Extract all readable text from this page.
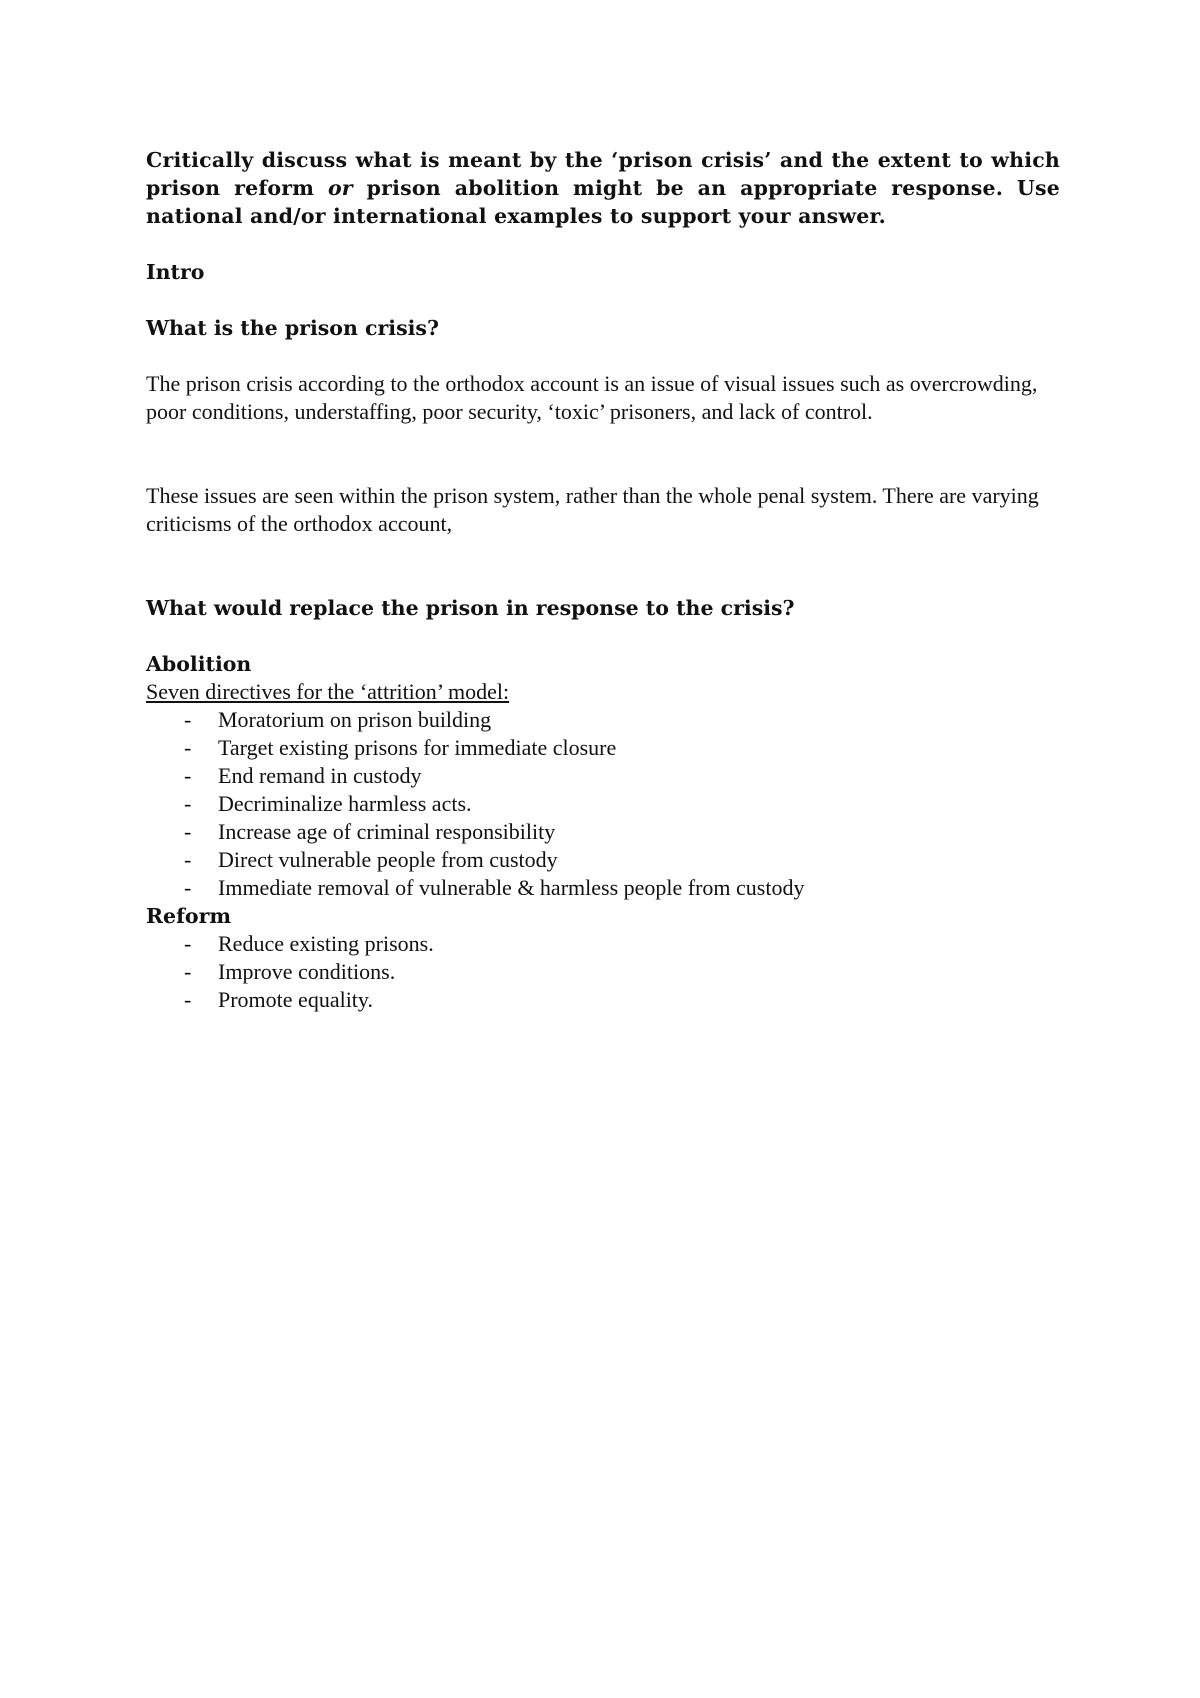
Critically discuss what is meant by the ‘prison crisis’ and the extent to which prison reform or prison abolition might be an appropriate response. Use national and/or international examples to support your answer.

Intro

What is the prison crisis?

The prison crisis according to the orthodox account is an issue of visual issues such as overcrowding, poor conditions, understaffing, poor security, ‘toxic’ prisoners, and lack of control.

These issues are seen within the prison system, rather than the whole penal system. There are varying criticisms of the orthodox account,

What would replace the prison in response to the crisis?

Abolition

Seven directives for the ‘attrition’ model:

- Moratorium on prison building
- Target existing prisons for immediate closure
- End remand in custody
- Decriminalize harmless acts.
- Increase age of criminal responsibility
- Direct vulnerable people from custody
- Immediate removal of vulnerable & harmless people from custody

Reform

- Reduce existing prisons.
- Improve conditions.
- Promote equality.
